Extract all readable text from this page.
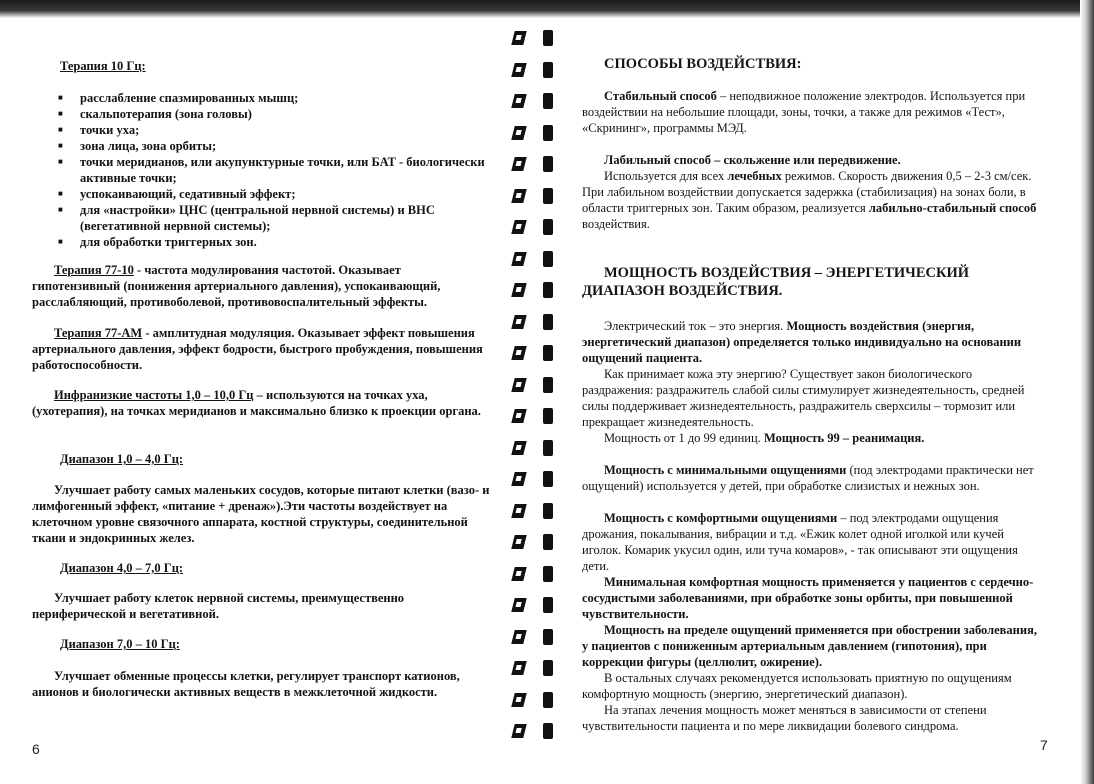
Терапия 10 Гц:

■ расслабление спазмированных мышц;
■ скальпотерапия (зона головы)
■ точки уха;
■ зона лица, зона орбиты;
■ точки меридианов, или акупунктурные точки, или БАТ - биологически активные точки;
■ успокаивающий, седативный эффект;
■ для «настройки» ЦНС (центральной нервной системы) и ВНС (вегетативной нервной системы);
■ для обработки триггерных зон.

Терапия 77-10 - частота модулирования частотой. Оказывает гипотензивный (понижения артериального давления), успокаивающий, расслабляющий, противоболевой, противовоспалительный эффекты.

Терапия 77-АМ - амплитудная модуляция. Оказывает эффект повышения артериального давления, эффект бодрости, быстрого пробуждения, повышения работоспособности.

Инфранизкие частоты 1,0 – 10,0 Гц – используются на точках уха, (ухотерапия), на точках меридианов и максимально близко к проекции органа.

Диапазон 1,0 – 4,0 Гц:

Улучшает работу самых маленьких сосудов, которые питают клетки (вазо- и лимфогенный эффект, «питание + дренаж»).Эти частоты воздействует на клеточном уровне связочного аппарата, костной структуры, соединительной ткани и эндокринных желез.

Диапазон 4,0 – 7,0 Гц:

Улучшает работу клеток нервной системы, преимущественно периферической и вегетативной.

Диапазон 7,0 – 10 Гц:

Улучшает обменные процессы клетки, регулирует транспорт катионов, анионов и биологически активных веществ в межклеточной жидкости.

6

СПОСОБЫ ВОЗДЕЙСТВИЯ:

Стабильный способ – неподвижное положение электродов. Используется при воздействии на небольшие площади, зоны, точки, а также для режимов «Тест», «Скрининг», программы МЭД.

Лабильный способ – скольжение или передвижение.

Используется для всех лечебных режимов. Скорость движения 0,5 – 2-3 см/сек. При лабильном воздействии допускается задержка (стабилизация) на зонах боли, в области триггерных зон. Таким образом, реализуется лабильно-стабильный способ воздействия.

МОЩНОСТЬ ВОЗДЕЙСТВИЯ – ЭНЕРГЕТИЧЕСКИЙ ДИАПАЗОН ВОЗДЕЙСТВИЯ.

Электрический ток – это энергия. Мощность воздействия (энергия, энергетический диапазон) определяется только индивидуально на основании ощущений пациента.

Как принимает кожа эту энергию? Существует закон биологического раздражения: раздражитель слабой силы стимулирует жизнедеятельность, средней силы поддерживает жизнедеятельность, раздражитель сверхсилы – тормозит или прекращает жизнедеятельность.

Мощность от 1 до 99 единиц. Мощность 99 – реанимация.

Мощность с минимальными ощущениями (под электродами практически нет ощущений) используется у детей, при обработке слизистых и нежных зон.

Мощность с комфортными ощущениями – под электродами ощущения дрожания, покалывания, вибрации и т.д. «Ежик колет одной иголкой или кучей иголок. Комарик укусил один, или туча комаров», - так описывают эти ощущения дети.

Минимальная комфортная мощность применяется у пациентов с сердечно-сосудистыми заболеваниями, при обработке зоны орбиты, при повышенной чувствительности.

Мощность на пределе ощущений применяется при обострении заболевания, у пациентов с пониженным артериальным давлением (гипотония), при коррекции фигуры (целлюлит, ожирение).

В остальных случаях рекомендуется использовать приятную по ощущениям комфортную мощность (энергию, энергетический диапазон).

На этапах лечения мощность может меняться в зависимости от степени чувствительности пациента и по мере ликвидации болевого синдрома.

7
